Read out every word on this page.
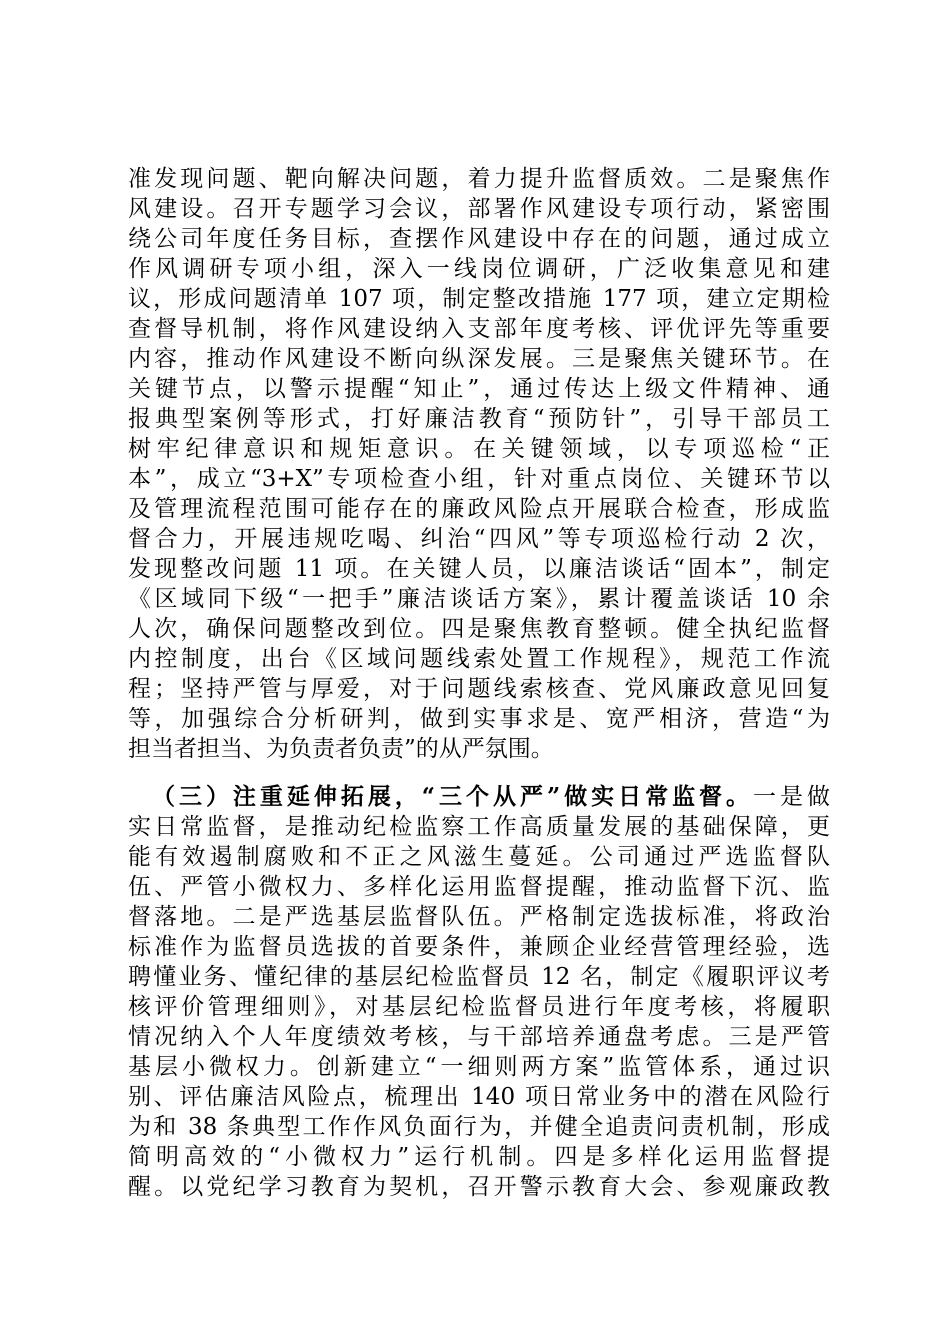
准发现问题、靶向解决问题，着力提升监督质效。二是聚焦作
风建设。召开专题学习会议，部署作风建设专项行动，紧密围
绕公司年度任务目标，查摆作风建设中存在的问题，通过成立
作风调研专项小组，深入一线岗位调研，广泛收集意见和建
议，形成问题清单 107 项，制定整改措施 177 项，建立定期检
查督导机制，将作风建设纳入支部年度考核、评优评先等重要
内容，推动作风建设不断向纵深发展。三是聚焦关键环节。在
关键节点，以警示提醒“知止”，通过传达上级文件精神、通
报典型案例等形式，打好廉洁教育“预防针”，引导干部员工
树牢纪律意识和规矩意识。在关键领域，以专项巡检“正
本”，成立“3+X”专项检查小组，针对重点岗位、关键环节以
及管理流程范围可能存在的廉政风险点开展联合检查，形成监
督合力，开展违规吃喝、纠治“四风”等专项巡检行动 2 次，
发现整改问题 11 项。在关键人员，以廉洁谈话“固本”，制定
《区域同下级“一把手”廉洁谈话方案》，累计覆盖谈话 10 余
人次，确保问题整改到位。四是聚焦教育整顿。健全执纪监督
内控制度，出台《区域问题线索处置工作规程》，规范工作流
程；坚持严管与厚爱，对于问题线索核查、党风廉政意见回复
等，加强综合分析研判，做到实事求是、宽严相济，营造“为
担当者担当、为负责者负责”的从严氛围。
（三）注重延伸拓展，“三个从严”做实日常监督。一是做
实日常监督，是推动纪检监察工作高质量发展的基础保障，更
能有效遏制腐败和不正之风滋生蔓延。公司通过严选监督队
伍、严管小微权力、多样化运用监督提醒，推动监督下沉、监
督落地。二是严选基层监督队伍。严格制定选拔标准，将政治
标准作为监督员选拔的首要条件，兼顾企业经营管理经验，选
聘懂业务、懂纪律的基层纪检监督员 12 名，制定《履职评议考
核评价管理细则》，对基层纪检监督员进行年度考核，将履职
情况纳入个人年度绩效考核，与干部培养通盘考虑。三是严管
基层小微权力。创新建立“一细则两方案”监管体系，通过识
别、评估廉洁风险点，梳理出 140 项日常业务中的潜在风险行
为和 38 条典型工作作风负面行为，并健全追责问责机制，形成
简明高效的“小微权力”运行机制。四是多样化运用监督提
醒。以党纪学习教育为契机，召开警示教育大会、参观廉政教
